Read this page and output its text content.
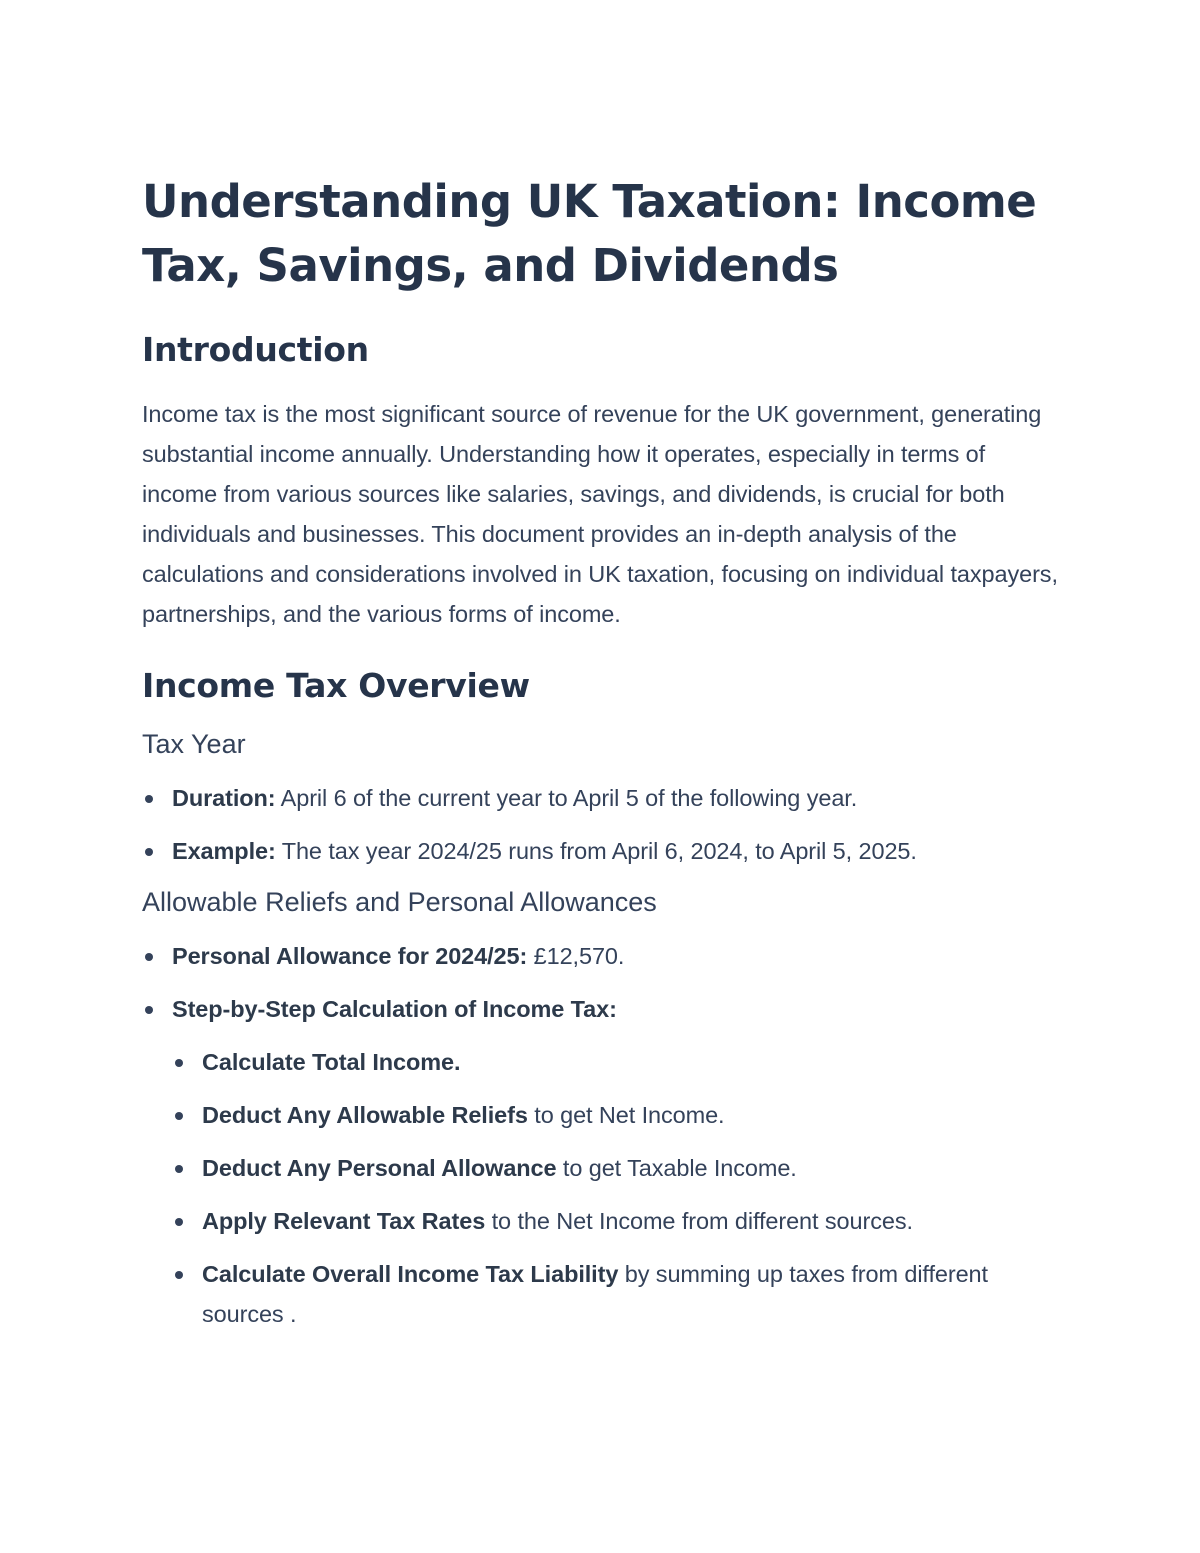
Understanding UK Taxation: Income Tax, Savings, and Dividends
Introduction

Income tax is the most significant source of revenue for the UK government, generating substantial income annually. Understanding how it operates, especially in terms of income from various sources like salaries, savings, and dividends, is crucial for both individuals and businesses. This document provides an in-depth analysis of the calculations and considerations involved in UK taxation, focusing on individual taxpayers, partnerships, and the various forms of income.

Income Tax Overview
Tax Year
Duration: April 6 of the current year to April 5 of the following year.
Example: The tax year 2024/25 runs from April 6, 2024, to April 5, 2025.
Allowable Reliefs and Personal Allowances
Personal Allowance for 2024/25: £12,570.
Step-by-Step Calculation of Income Tax:
Calculate Total Income.
Deduct Any Allowable Reliefs to get Net Income.
Deduct Any Personal Allowance to get Taxable Income.
Apply Relevant Tax Rates to the Net Income from different sources.
Calculate Overall Income Tax Liability by summing up taxes from different sources .
